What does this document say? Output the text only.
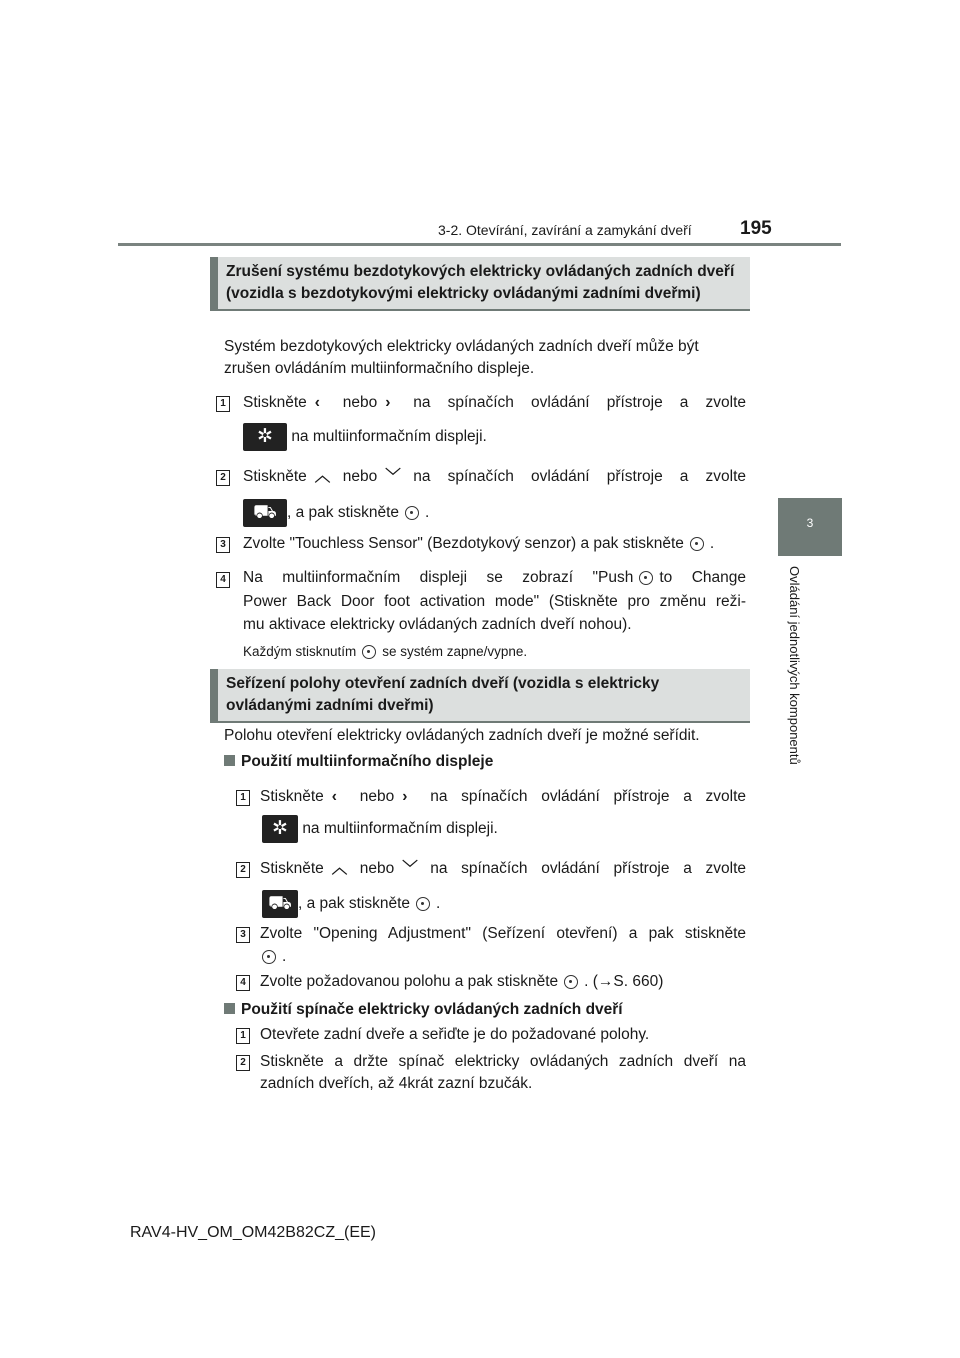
3-2. Otevírání, zavírání a zamykání dveří	195
3
Ovládání jednotlivých komponentů
Zrušení systému bezdotykových elektricky ovládaných zadních dveří (vozidla s bezdotykovými elektricky ovládanými zadními dveřmi)

Systém bezdotykových elektricky ovládaných zadních dveří může být zrušen ovládáním multiinformačního displeje.

1 Stiskněte ‹ nebo › na spínačích ovládání přístroje a zvolte

✲ na multiinformačním displeji.

2 Stiskněte ︿ nebo ﹀ na spínačích ovládání přístroje a zvolte

⛟ , a pak stiskněte .

3 Zvolte "Touchless Sensor" (Bezdotykový senzor) a pak stiskněte .

4 Na multiinformačním displeji se zobrazí "Push to Change

Power Back Door foot activation mode" (Stiskněte pro změnu reži-

mu aktivace elektricky ovládaných zadních dveří nohou).

Každým stisknutím se systém zapne/vypne.

Seřízení polohy otevření zadních dveří (vozidla s elektricky ovládanými zadními dveřmi)

Polohu otevření elektricky ovládaných zadních dveří je možné seřídit.

Použití multiinformačního displeje

1 Stiskněte ‹ nebo › na spínačích ovládání přístroje a zvolte

✲ na multiinformačním displeji.

2 Stiskněte ︿ nebo ﹀ na spínačích ovládání přístroje a zvolte

⛟ , a pak stiskněte .

3 Zvolte "Opening Adjustment" (Seřízení otevření) a pak stiskněte

.

4 Zvolte požadovanou polohu a pak stiskněte . (→S. 660)

Použití spínače elektricky ovládaných zadních dveří

1 Otevřete zadní dveře a seřiďte je do požadované polohy.

2 Stiskněte a držte spínač elektricky ovládaných zadních dveří na

zadních dveřích, až 4krát zazní bzučák.

RAV4-HV_OM_OM42B82CZ_(EE)
